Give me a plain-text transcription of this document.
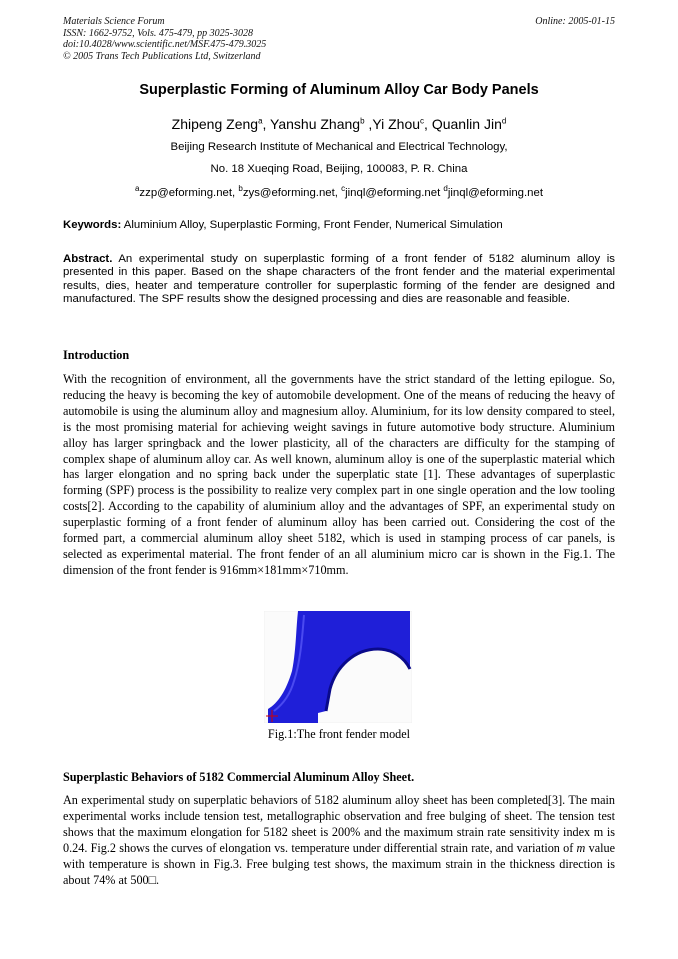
Materials Science Forum
ISSN: 1662-9752, Vols. 475-479, pp 3025-3028
doi:10.4028/www.scientific.net/MSF.475-479.3025
© 2005 Trans Tech Publications Ltd, Switzerland
Online: 2005-01-15
Superplastic Forming of Aluminum Alloy Car Body Panels
Zhipeng Zeng$^a$, Yanshu Zhang$^b$ ,Yi Zhou$^c$, Quanlin Jin$^d$
Beijing Research Institute of Mechanical and Electrical Technology,
No. 18 Xueqing Road, Beijing, 100083, P. R. China
$^a$zzp@eforming.net, $^b$zys@eforming.net, $^c$jinql@eforming.net $^d$jinql@eforming.net
Keywords: Aluminium Alloy, Superplastic Forming, Front Fender, Numerical Simulation
Abstract. An experimental study on superplastic forming of a front fender of 5182 aluminum alloy is presented in this paper. Based on the shape characters of the front fender and the material experimental results, dies, heater and temperature controller for superplastic forming of the fender are designed and manufactured. The SPF results show the designed processing and dies are reasonable and feasible.
Introduction
With the recognition of environment, all the governments have the strict standard of the letting epilogue. So, reducing the heavy is becoming the key of automobile development. One of the means of reducing the heavy of automobile is using the aluminum alloy and magnesium alloy. Aluminium, for its low density compared to steel, is the most promising material for achieving weight savings in future automotive body structure. Aluminium alloy has larger springback and the lower plasticity, all of the characters are difficulty for the stamping of complex shape of aluminum alloy car. As well known, aluminum alloy is one of the superplastic material which has larger elongation and no spring back under the superplatic state [1]. These advantages of superplastic forming (SPF) process is the possibility to realize very complex part in one single operation and the low tooling costs[2]. According to the capability of aluminium alloy and the advantages of SPF, an experimental study on superplastic forming of a front fender of aluminum alloy has been carried out. Considering the cost of the formed part, a commercial aluminum alloy sheet 5182, which is used in stamping process of car panels, is selected as experimental material. The front fender of an all aluminium micro car is shown in the Fig.1. The dimension of the front fender is 916mm×181mm×710mm.
Fig.1:The front fender model
Superplastic Behaviors of 5182 Commercial Aluminum Alloy Sheet.
An experimental study on superplatic behaviors of 5182 aluminum alloy sheet has been completed[3]. The main experimental works include tension test, metallographic observation and free bulging of sheet. The tension test shows that the maximum elongation for 5182 sheet is 200% and the maximum strain rate sensitivity index m is 0.24. Fig.2 shows the curves of elongation vs. temperature under differential strain rate, and variation of m value with temperature is shown in Fig.3. Free bulging test shows, the maximum strain in the thickness direction is about 74% at 500□.
